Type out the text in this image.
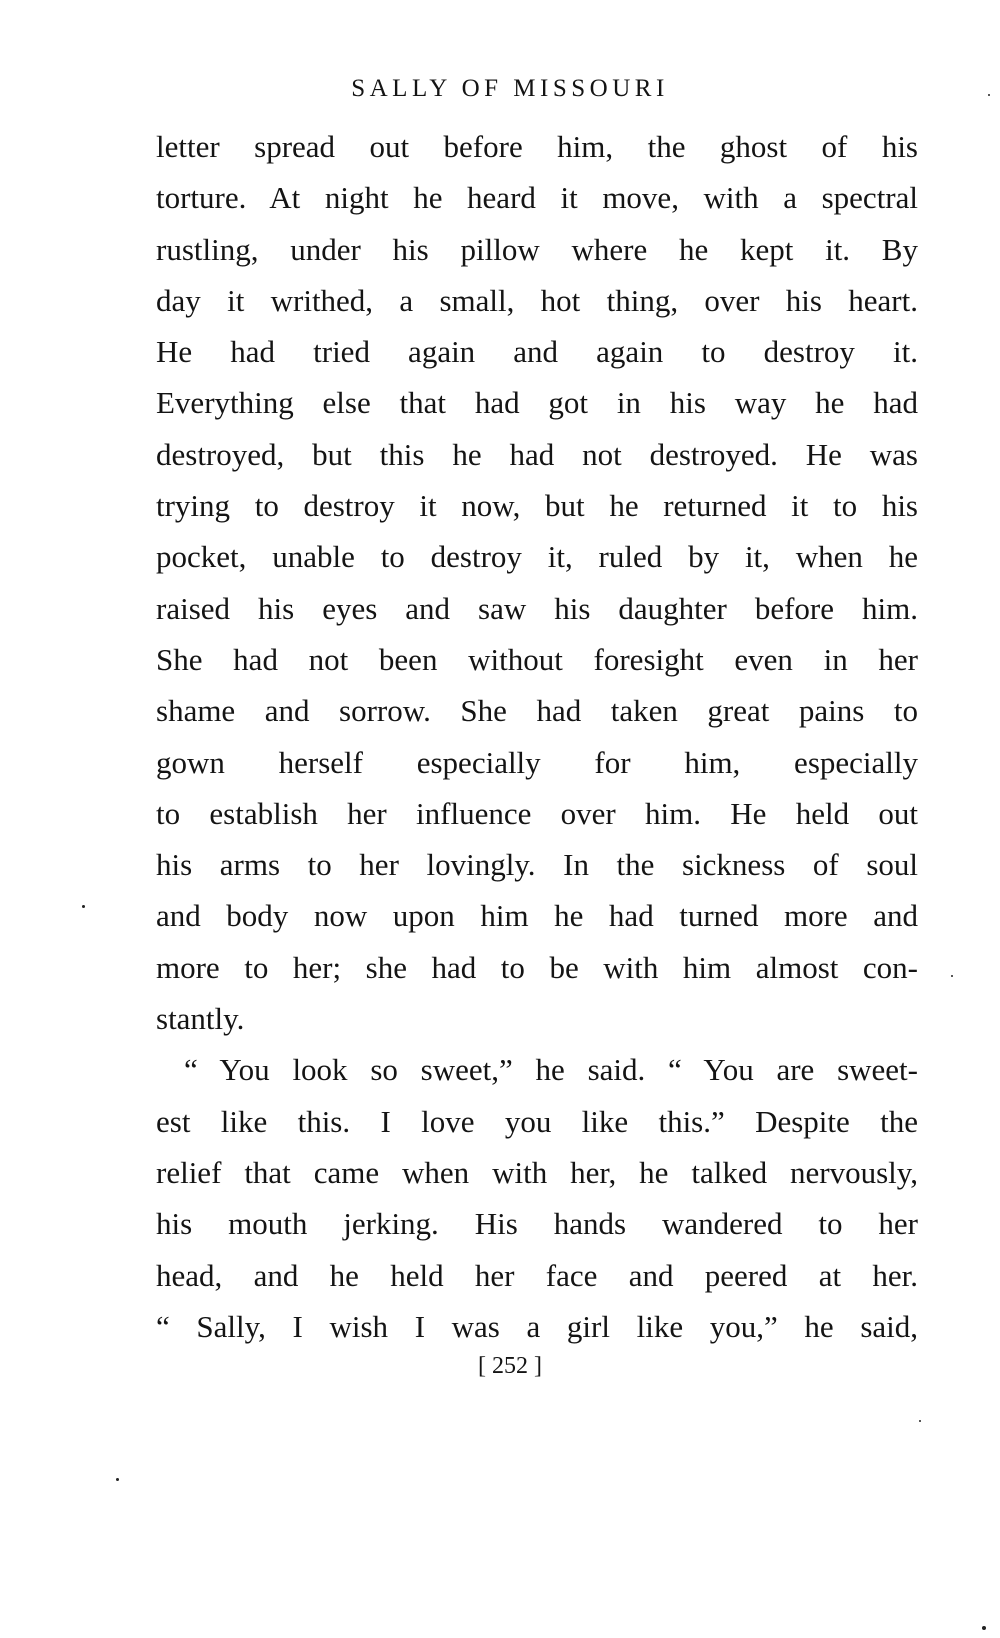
SALLY OF MISSOURI
letter spread out before him, the ghost of his
torture. At night he heard it move, with a spectral
rustling, under his pillow where he kept it. By
day it writhed, a small, hot thing, over his heart.
He had tried again and again to destroy it.
Everything else that had got in his way he had
destroyed, but this he had not destroyed. He was
trying to destroy it now, but he returned it to his
pocket, unable to destroy it, ruled by it, when he
raised his eyes and saw his daughter before him.
She had not been without foresight even in her
shame and sorrow. She had taken great pains to
gown herself especially for him, especially
to establish her influence over him. He held out
his arms to her lovingly. In the sickness of soul
and body now upon him he had turned more and
more to her; she had to be with him almost con-
stantly.
“ You look so sweet,” he said. “ You are sweet-
est like this. I love you like this.” Despite the
relief that came when with her, he talked nervously,
his mouth jerking. His hands wandered to her
head, and he held her face and peered at her.
“ Sally, I wish I was a girl like you,” he said,
[ 252 ]
